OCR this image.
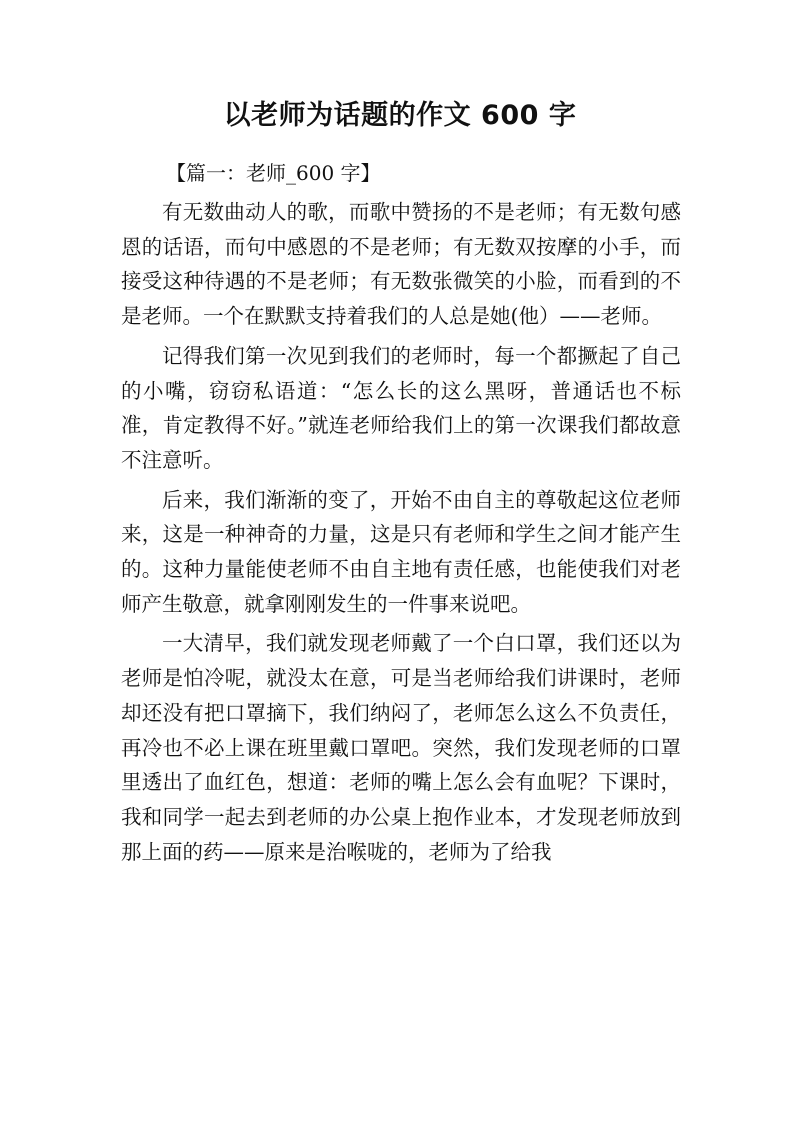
以老师为话题的作文 600 字
【篇一：老师_600 字】

有无数曲动人的歌，而歌中赞扬的不是老师；有无数句感恩的话语，而句中感恩的不是老师；有无数双按摩的小手，而接受这种待遇的不是老师；有无数张微笑的小脸，而看到的不是老师。一个在默默支持着我们的人总是她(他）——老师。

记得我们第一次见到我们的老师时，每一个都撅起了自己的小嘴，窃窃私语道：“怎么长的这么黑呀，普通话也不标准，肯定教得不好。”就连老师给我们上的第一次课我们都故意不注意听。

后来，我们渐渐的变了，开始不由自主的尊敬起这位老师来，这是一种神奇的力量，这是只有老师和学生之间才能产生的。这种力量能使老师不由自主地有责任感，也能使我们对老师产生敬意，就拿刚刚发生的一件事来说吧。

一大清早，我们就发现老师戴了一个白口罩，我们还以为老师是怕冷呢，就没太在意，可是当老师给我们讲课时，老师却还没有把口罩摘下，我们纳闷了，老师怎么这么不负责任，再冷也不必上课在班里戴口罩吧。突然，我们发现老师的口罩里透出了血红色，想道：老师的嘴上怎么会有血呢？下课时，我和同学一起去到老师的办公桌上抱作业本，才发现老师放到那上面的药——原来是治喉咙的，老师为了给我
